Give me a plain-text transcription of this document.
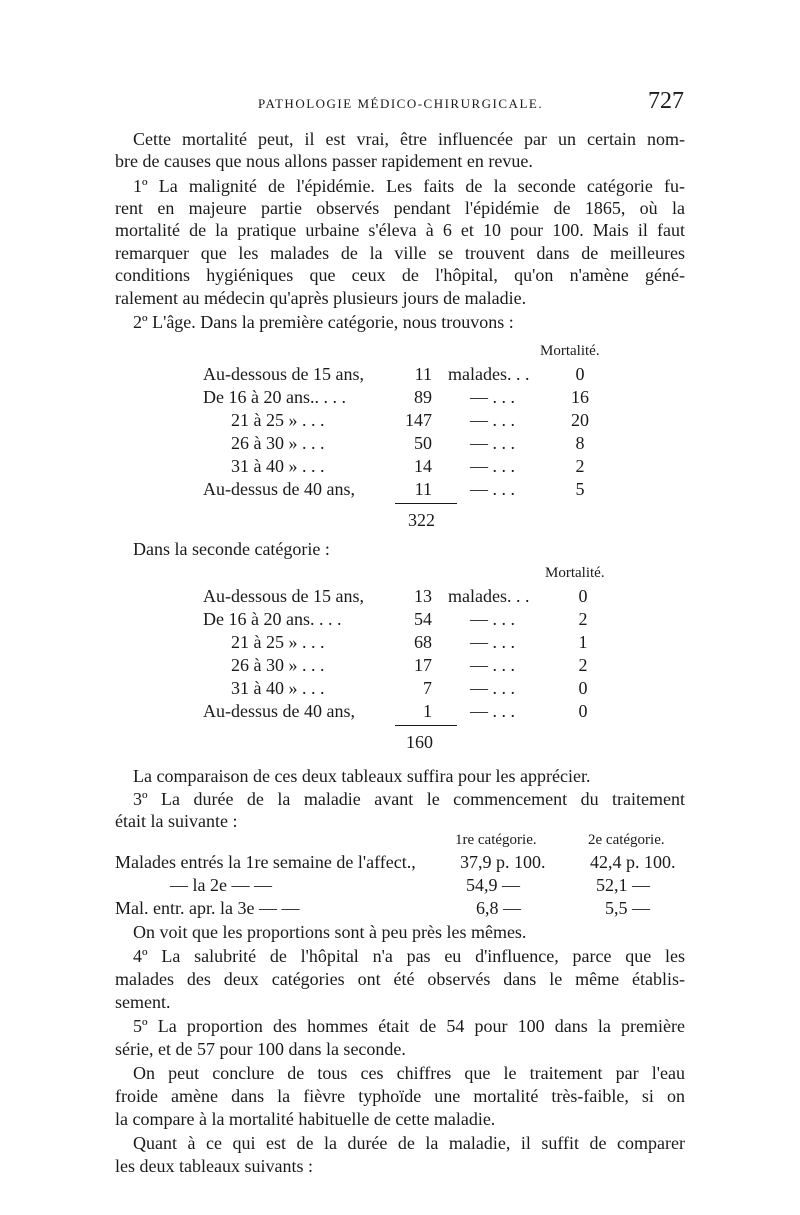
PATHOLOGIE MÉDICO-CHIRURGICALE.	727

Cette mortalité peut, il est vrai, être influencée par un certain nom-

bre de causes que nous allons passer rapidement en revue.

1º La malignité de l'épidémie. Les faits de la seconde catégorie fu-

rent en majeure partie observés pendant l'épidémie de 1865, où la

mortalité de la pratique urbaine s'éleva à 6 et 10 pour 100. Mais il faut

remarquer que les malades de la ville se trouvent dans de meilleures

conditions hygiéniques que ceux de l'hôpital, qu'on n'amène géné-

ralement au médecin qu'après plusieurs jours de maladie.

2º L'âge. Dans la première catégorie, nous trouvons :

Mortalité.
Au-dessous de 15 ans,	11 malades. . .	0
De 16 à 20 ans.. . . .	89 — . . .	16
21 à 25 » . . .	147 — . . .	20
26 à 30 » . . .	50 — . . .	8
31 à 40 » . . .	14 — . . .	2
Au-dessus de 40 ans,	11 — . . .	5
322

Dans la seconde catégorie :

Mortalité.
Au-dessous de 15 ans,	13 malades. . .	0
De 16 à 20 ans. . . .	54 — . . .	2
21 à 25 » . . .	68 — . . .	1
26 à 30 » . . .	17 — . . .	2
31 à 40 » . . .	7 — . . .	0
Au-dessus de 40 ans,	1 — . . .	0
160

La comparaison de ces deux tableaux suffira pour les apprécier.

3º La durée de la maladie avant le commencement du traitement

était la suivante :

1re catégorie.	2e catégorie.
Malades entrés la 1re semaine de l'affect., 37,9 p. 100. 42,4 p. 100.
— la 2e — —	54,9 —	52,1 —
Mal. entr. apr. la 3e — —	6,8 —	5,5 —

On voit que les proportions sont à peu près les mêmes.

4º La salubrité de l'hôpital n'a pas eu d'influence, parce que les

malades des deux catégories ont été observés dans le même établis-

sement.

5º La proportion des hommes était de 54 pour 100 dans la première

série, et de 57 pour 100 dans la seconde.

On peut conclure de tous ces chiffres que le traitement par l'eau

froide amène dans la fièvre typhoïde une mortalité très-faible, si on

la compare à la mortalité habituelle de cette maladie.

Quant à ce qui est de la durée de la maladie, il suffit de comparer

les deux tableaux suivants :
